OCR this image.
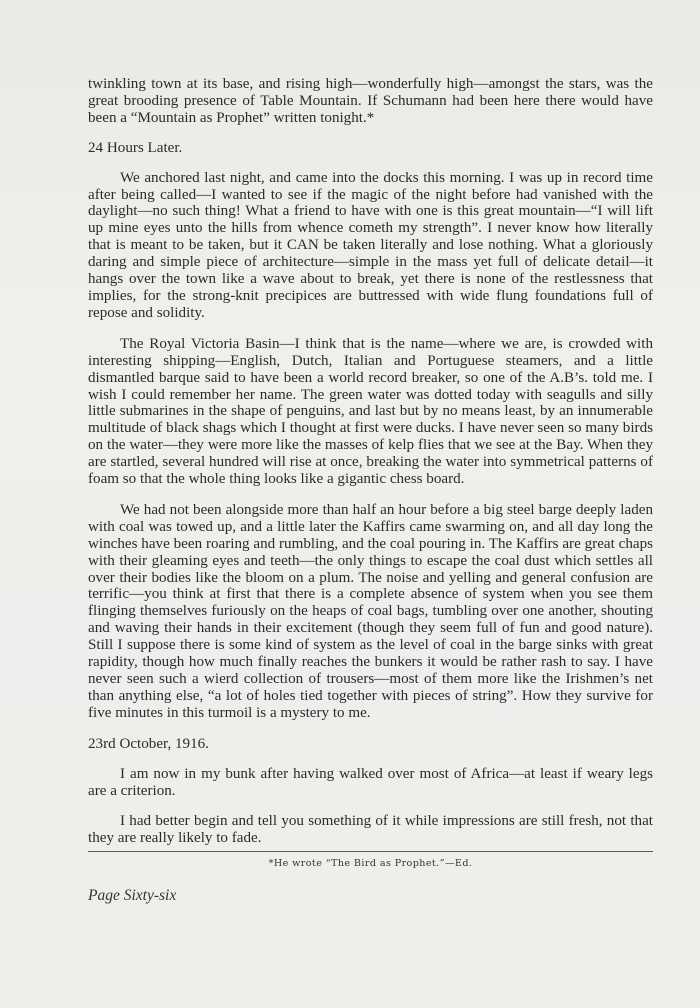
twinkling town at its base, and rising high—wonderfully high—amongst the stars, was the great brooding presence of Table Mountain. If Schumann had been here there would have been a “Mountain as Prophet” written tonight.*

24 Hours Later.

We anchored last night, and came into the docks this morning. I was up in record time after being called—I wanted to see if the magic of the night before had vanished with the daylight—no such thing! What a friend to have with one is this great mountain—“I will lift up mine eyes unto the hills from whence cometh my strength”. I never know how literally that is meant to be taken, but it CAN be taken literally and lose nothing. What a gloriously daring and simple piece of architecture—simple in the mass yet full of delicate detail—it hangs over the town like a wave about to break, yet there is none of the restlessness that implies, for the strong-knit precipices are buttressed with wide flung foundations full of repose and solidity.

The Royal Victoria Basin—I think that is the name—where we are, is crowded with interesting shipping—English, Dutch, Italian and Portuguese steamers, and a little dismantled barque said to have been a world record breaker, so one of the A.B’s. told me. I wish I could remember her name. The green water was dotted today with seagulls and silly little submarines in the shape of penguins, and last but by no means least, by an innumerable multitude of black shags which I thought at first were ducks. I have never seen so many birds on the water—they were more like the masses of kelp flies that we see at the Bay. When they are startled, several hundred will rise at once, breaking the water into symmetrical patterns of foam so that the whole thing looks like a gigantic chess board.

We had not been alongside more than half an hour before a big steel barge deeply laden with coal was towed up, and a little later the Kaffirs came swarming on, and all day long the winches have been roaring and rumbling, and the coal pouring in. The Kaffirs are great chaps with their gleaming eyes and teeth—the only things to escape the coal dust which settles all over their bodies like the bloom on a plum. The noise and yelling and general confusion are terrific—you think at first that there is a complete absence of system when you see them flinging themselves furiously on the heaps of coal bags, tumbling over one another, shouting and waving their hands in their excitement (though they seem full of fun and good nature). Still I suppose there is some kind of system as the level of coal in the barge sinks with great rapidity, though how much finally reaches the bunkers it would be rather rash to say. I have never seen such a wierd collection of trousers—most of them more like the Irishmen’s net than anything else, “a lot of holes tied together with pieces of string”. How they survive for five minutes in this turmoil is a mystery to me.

23rd October, 1916.

I am now in my bunk after having walked over most of Africa—at least if weary legs are a criterion.

I had better begin and tell you something of it while impressions are still fresh, not that they are really likely to fade.

*He wrote “The Bird as Prophet.”—Ed.
Page Sixty-six
